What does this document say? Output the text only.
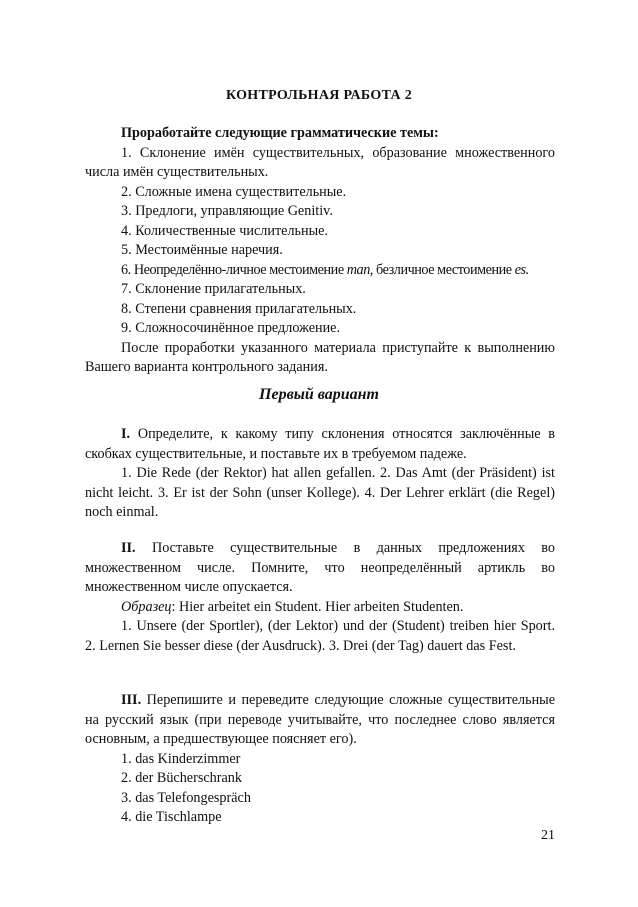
КОНТРОЛЬНАЯ РАБОТА 2

Проработайте следующие грамматические темы:

1. Склонение имён существительных, образование множественного числа имён существительных.

2. Сложные имена существительные.

3. Предлоги, управляющие Genitiv.

4. Количественные числительные.

5. Местоимённые наречия.

6. Неопределённо-личное местоимение man, безличное местоимение es.

7. Склонение прилагательных.

8. Степени сравнения прилагательных.

9. Сложносочинённое предложение.

После проработки указанного материала приступайте к выполнению Вашего варианта контрольного задания.

Первый вариант

I. Определите, к какому типу склонения относятся заключённые в скобках существительные, и поставьте их в требуемом падеже.

1. Die Rede (der Rektor) hat allen gefallen. 2. Das Amt (der Präsident) ist nicht leicht. 3. Er ist der Sohn (unser Kollege). 4. Der Lehrer erklärt (die Regel) noch einmal.

II. Поставьте существительные в данных предложениях во множественном числе. Помните, что неопределённый артикль во множественном числе опускается.

Образец: Hier arbeitet ein Student. Hier arbeiten Studenten.

1. Unsere (der Sportler), (der Lektor) und der (Student) treiben hier Sport. 2. Lernen Sie besser diese (der Ausdruck). 3. Drei (der Tag) dauert das Fest.

III. Перепишите и переведите следующие сложные существительные на русский язык (при переводе учитывайте, что последнее слово является основным, а предшествующее поясняет его).

1. das Kinderzimmer

2. der Bücherschrank

3. das Telefongespräch

4. die Tischlampe

21
